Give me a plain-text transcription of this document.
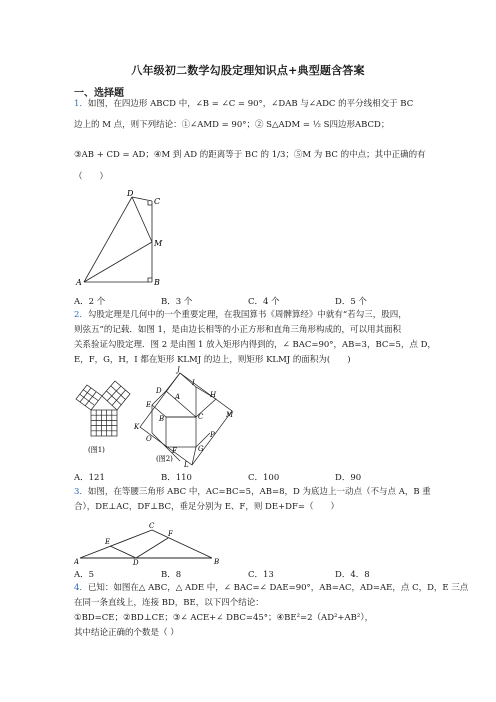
八年级初二数学勾股定理知识点+典型题含答案
一、选择题
1．如图，在四边形 ABCD 中，∠B = ∠C = 90°，∠DAB 与∠ADC 的平分线相交于 BC
边上的 M 点，则下列结论：①∠AMD = 90°；② S△ADM = ½ S四边形ABCD；
③AB + CD = AD；④M 到 AD 的距离等于 BC 的 1/3；⑤M 为 BC 的中点；其中正确的有
（　　）
A	B
C
D
M
A．2 个	B．3 个	C．4 个	D．5 个
2．勾股定理是几何中的一个重要定理，在我国算书《周髀算经》中就有“若勾三，股四，
则弦五”的记载．如图 1，是由边长相等的小正方形和直角三角形构成的，可以用其面积
关系验证勾股定理．图 2 是由图 1 放入矩形内得到的，∠ BAC=90°，AB=3，BC=5，点 D，
E，F，G，H，I 都在矩形 KLMJ 的边上，则矩形 KLMJ 的面积为(　　)
(图1)
J
I
H
D
A
E
C	M
B
K
P
O
G
F
L
(图2)
A．121	B．110	C．100	D．90
3．如图，在等腰三角形 ABC 中，AC=BC=5，AB=8，D 为底边上一动点（不与点 A，B 重
合），DE⊥AC，DF⊥BC，垂足分别为 E、F，则 DE+DF=（　　）
A	B
C
D
E
F
A．5	B．8	C．13	D．4．8
4．已知：如图在△ ABC，△ ADE 中，∠ BAC=∠ DAE=90°，AB=AC，AD=AE，点 C，D，E 三点
在同一条直线上，连接 BD，BE，以下四个结论：
①BD=CE；②BD⊥CE；③∠ ACE+∠ DBC=45°；④BE²=2（AD²+AB²），
其中结论正确的个数是（ ）
